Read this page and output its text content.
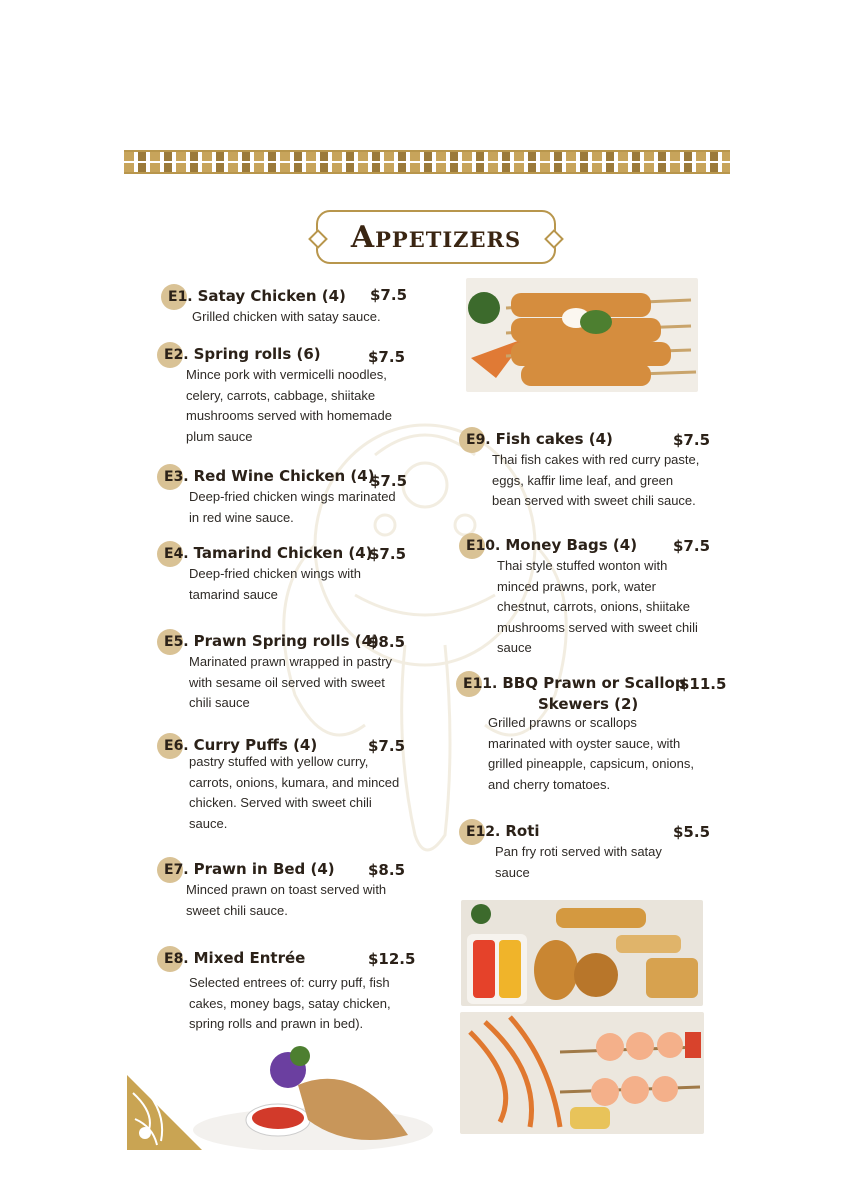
Appetizers
E1. Satay Chicken (4) $7.5
Grilled chicken with satay sauce.
E2. Spring rolls (6)	$7.5
Mince pork with vermicelli noodles,
celery, carrots, cabbage, shiitake
mushrooms served with homemade
plum sauce
E3. Red Wine Chicken (4)
$7.5
Deep-fried chicken wings marinated
in red wine sauce.
E4. Tamarind Chicken (4)
$7.5
Deep-fried chicken wings with
tamarind sauce
E5. Prawn Spring rolls (4)
$8.5
Marinated prawn wrapped in pastry
with sesame oil served with sweet
chili sauce
E6. Curry Puffs (4)	$7.5
pastry stuffed with yellow curry,
carrots, onions, kumara, and minced
chicken. Served with sweet chili
sauce.
E7. Prawn in Bed (4) $8.5
Minced prawn on toast served with
sweet chili sauce.
E8. Mixed Entrée	$12.5
Selected entrees of: curry puff, fish
cakes, money bags, satay chicken,
spring rolls and prawn in bed).
E9. Fish cakes (4)	$7.5
Thai fish cakes with red curry paste,
eggs, kaffir lime leaf, and green
bean served with sweet chili sauce.
E10. Money Bags (4) $7.5
Thai style stuffed wonton with
minced prawns, pork, water
chestnut, carrots, onions, shiitake
mushrooms served with sweet chili
sauce
E11. BBQ Prawn or Scallop
$11.5
Skewers (2)
Grilled prawns or scallops
marinated with oyster sauce, with
grilled pineapple, capsicum, onions,
and cherry tomatoes.
E12. Roti	$5.5
Pan fry roti served with satay
sauce
